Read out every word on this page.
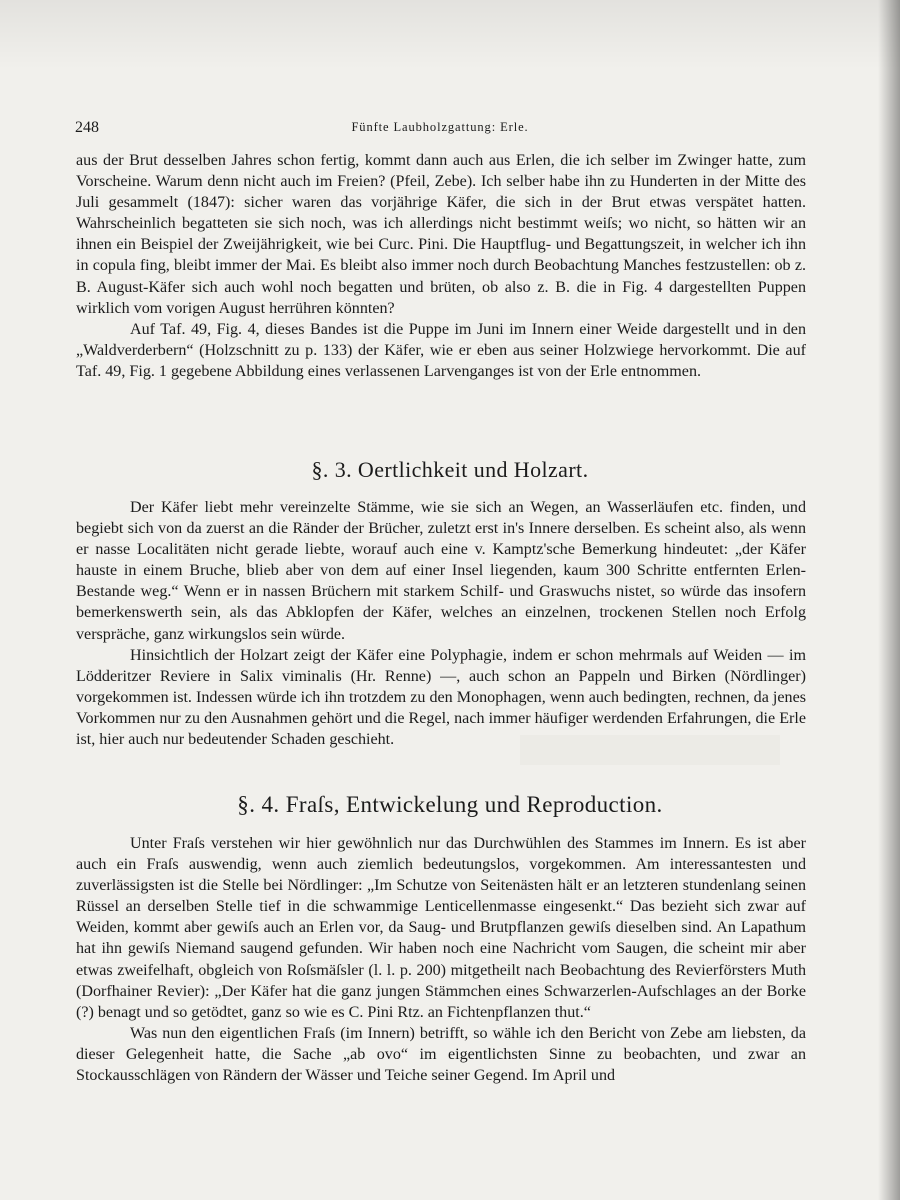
248	Fünfte Laubholzgattung: Erle.

aus der Brut desselben Jahres schon fertig, kommt dann auch aus Erlen, die ich selber im Zwinger hatte, zum Vorscheine. Warum denn nicht auch im Freien? (Pfeil, Zebe). Ich selber habe ihn zu Hunderten in der Mitte des Juli gesammelt (1847): sicher waren das vorjährige Käfer, die sich in der Brut etwas verspätet hatten. Wahrscheinlich begatteten sie sich noch, was ich allerdings nicht bestimmt weiſs; wo nicht, so hätten wir an ihnen ein Beispiel der Zweijährigkeit, wie bei Curc. Pini. Die Hauptflug- und Begattungszeit, in welcher ich ihn in copula fing, bleibt immer der Mai. Es bleibt also immer noch durch Beobachtung Manches festzustellen: ob z. B. August-Käfer sich auch wohl noch begatten und brüten, ob also z. B. die in Fig. 4 dargestellten Puppen wirklich vom vorigen August herrühren könnten?

Auf Taf. 49, Fig. 4, dieses Bandes ist die Puppe im Juni im Innern einer Weide dargestellt und in den „Waldverderbern“ (Holzschnitt zu p. 133) der Käfer, wie er eben aus seiner Holzwiege hervorkommt. Die auf Taf. 49, Fig. 1 gegebene Abbildung eines verlassenen Larvenganges ist von der Erle entnommen.

§. 3. Oertlichkeit und Holzart.

Der Käfer liebt mehr vereinzelte Stämme, wie sie sich an Wegen, an Wasserläufen etc. finden, und begiebt sich von da zuerst an die Ränder der Brücher, zuletzt erst in's Innere derselben. Es scheint also, als wenn er nasse Localitäten nicht gerade liebte, worauf auch eine v. Kamptz'sche Bemerkung hindeutet: „der Käfer hauste in einem Bruche, blieb aber von dem auf einer Insel liegenden, kaum 300 Schritte entfernten Erlen-Bestande weg.“ Wenn er in nassen Brüchern mit starkem Schilf- und Graswuchs nistet, so würde das insofern bemerkenswerth sein, als das Abklopfen der Käfer, welches an einzelnen, trockenen Stellen noch Erfolg verspräche, ganz wirkungslos sein würde.

Hinsichtlich der Holzart zeigt der Käfer eine Polyphagie, indem er schon mehrmals auf Weiden — im Lödderitzer Reviere in Salix viminalis (Hr. Renne) —, auch schon an Pappeln und Birken (Nördlinger) vorgekommen ist. Indessen würde ich ihn trotzdem zu den Monophagen, wenn auch bedingten, rechnen, da jenes Vorkommen nur zu den Ausnahmen gehört und die Regel, nach immer häufiger werdenden Erfahrungen, die Erle ist, hier auch nur bedeutender Schaden geschieht.

§. 4. Fraſs, Entwickelung und Reproduction.

Unter Fraſs verstehen wir hier gewöhnlich nur das Durchwühlen des Stammes im Innern. Es ist aber auch ein Fraſs auswendig, wenn auch ziemlich bedeutungslos, vorgekommen. Am interessantesten und zuverlässigsten ist die Stelle bei Nördlinger: „Im Schutze von Seitenästen hält er an letzteren stundenlang seinen Rüssel an derselben Stelle tief in die schwammige Lenticellenmasse eingesenkt.“ Das bezieht sich zwar auf Weiden, kommt aber gewiſs auch an Erlen vor, da Saug- und Brutpflanzen gewiſs dieselben sind. An Lapathum hat ihn gewiſs Niemand saugend gefunden. Wir haben noch eine Nachricht vom Saugen, die scheint mir aber etwas zweifelhaft, obgleich von Roſsmäſsler (l. l. p. 200) mitgetheilt nach Beobachtung des Revierförsters Muth (Dorfhainer Revier): „Der Käfer hat die ganz jungen Stämmchen eines Schwarzerlen-Aufschlages an der Borke (?) benagt und so getödtet, ganz so wie es C. Pini Rtz. an Fichtenpflanzen thut.“

Was nun den eigentlichen Fraſs (im Innern) betrifft, so wähle ich den Bericht von Zebe am liebsten, da dieser Gelegenheit hatte, die Sache „ab ovo“ im eigentlichsten Sinne zu beobachten, und zwar an Stockausschlägen von Rändern der Wässer und Teiche seiner Gegend. Im April und
